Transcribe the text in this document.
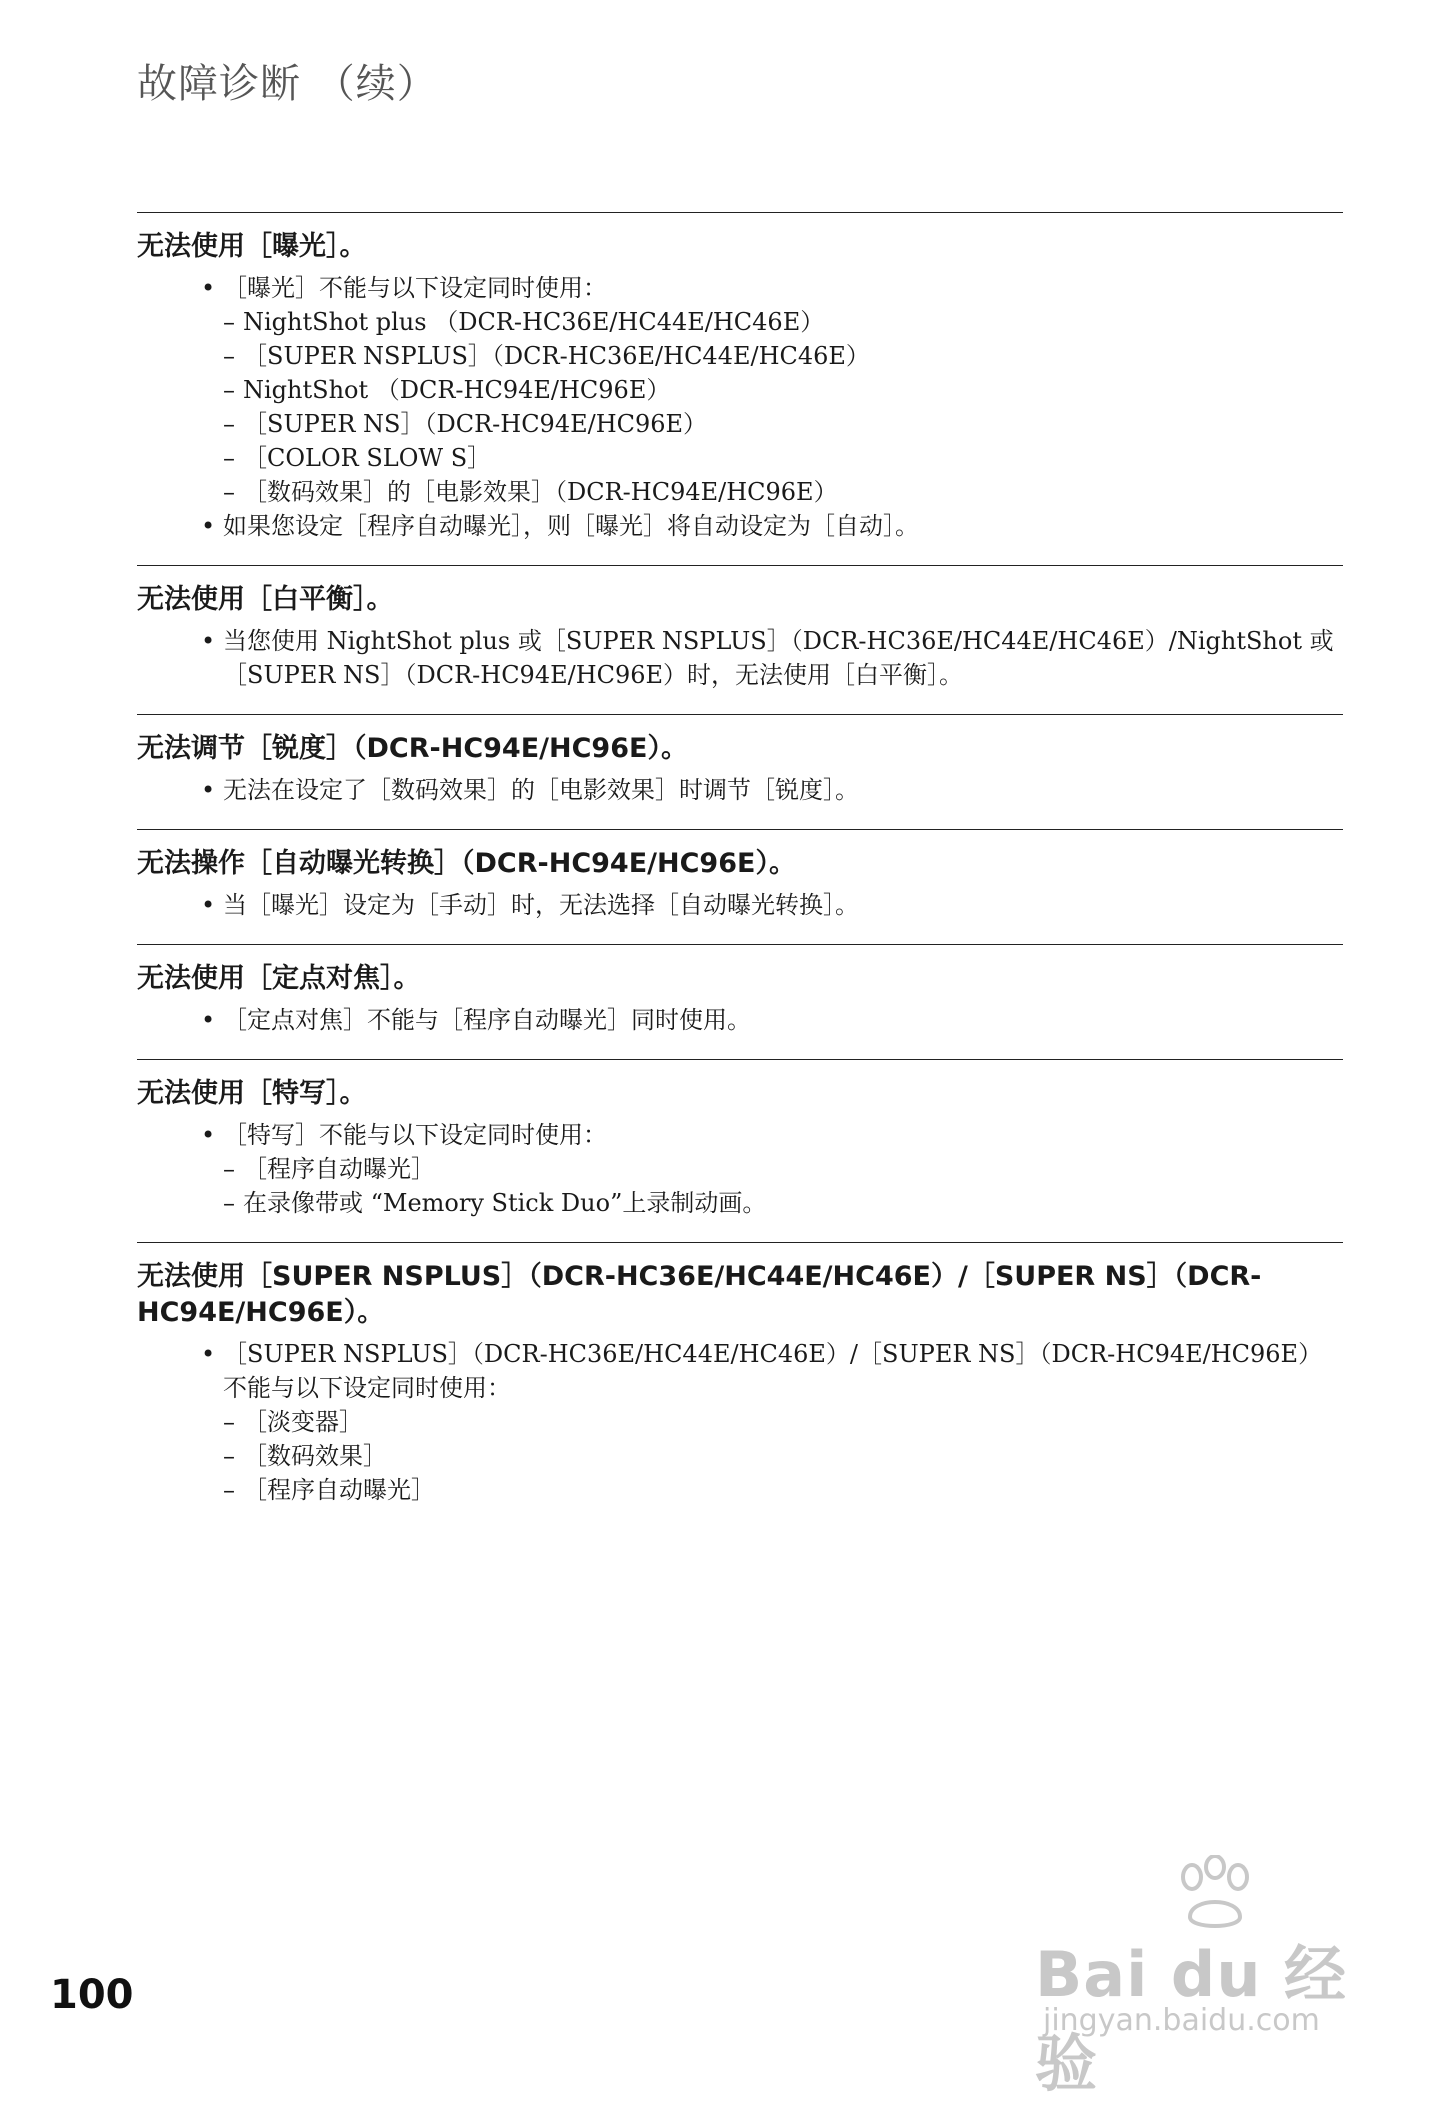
故障诊断 （续）
无法使用［曝光］。
• ［曝光］不能与以下设定同时使用：
– NightShot plus （DCR-HC36E/HC44E/HC46E）
– ［SUPER NSPLUS］（DCR-HC36E/HC44E/HC46E）
– NightShot （DCR-HC94E/HC96E）
– ［SUPER NS］（DCR-HC94E/HC96E）
– ［COLOR SLOW S］
– ［数码效果］的［电影效果］（DCR-HC94E/HC96E）
• 如果您设定［程序自动曝光］，则［曝光］将自动设定为［自动］。
无法使用［白平衡］。
• 当您使用 NightShot plus 或［SUPER NSPLUS］（DCR-HC36E/HC44E/HC46E）/NightShot 或［SUPER NS］（DCR-HC94E/HC96E）时，无法使用［白平衡］。
无法调节［锐度］（DCR-HC94E/HC96E）。
• 无法在设定了［数码效果］的［电影效果］时调节［锐度］。
无法操作［自动曝光转换］（DCR-HC94E/HC96E）。
• 当［曝光］设定为［手动］时，无法选择［自动曝光转换］。
无法使用［定点对焦］。
• ［定点对焦］不能与［程序自动曝光］同时使用。
无法使用［特写］。
• ［特写］不能与以下设定同时使用：
– ［程序自动曝光］
– 在录像带或 “Memory Stick Duo”上录制动画。
无法使用［SUPER NSPLUS］（DCR-HC36E/HC44E/HC46E）/［SUPER NS］（DCR-HC94E/HC96E）。
• ［SUPER NSPLUS］（DCR-HC36E/HC44E/HC46E）/［SUPER NS］（DCR-HC94E/HC96E）不能与以下设定同时使用：
– ［淡变器］
– ［数码效果］
– ［程序自动曝光］
100	Bai du 经验
jingyan.baidu.com
